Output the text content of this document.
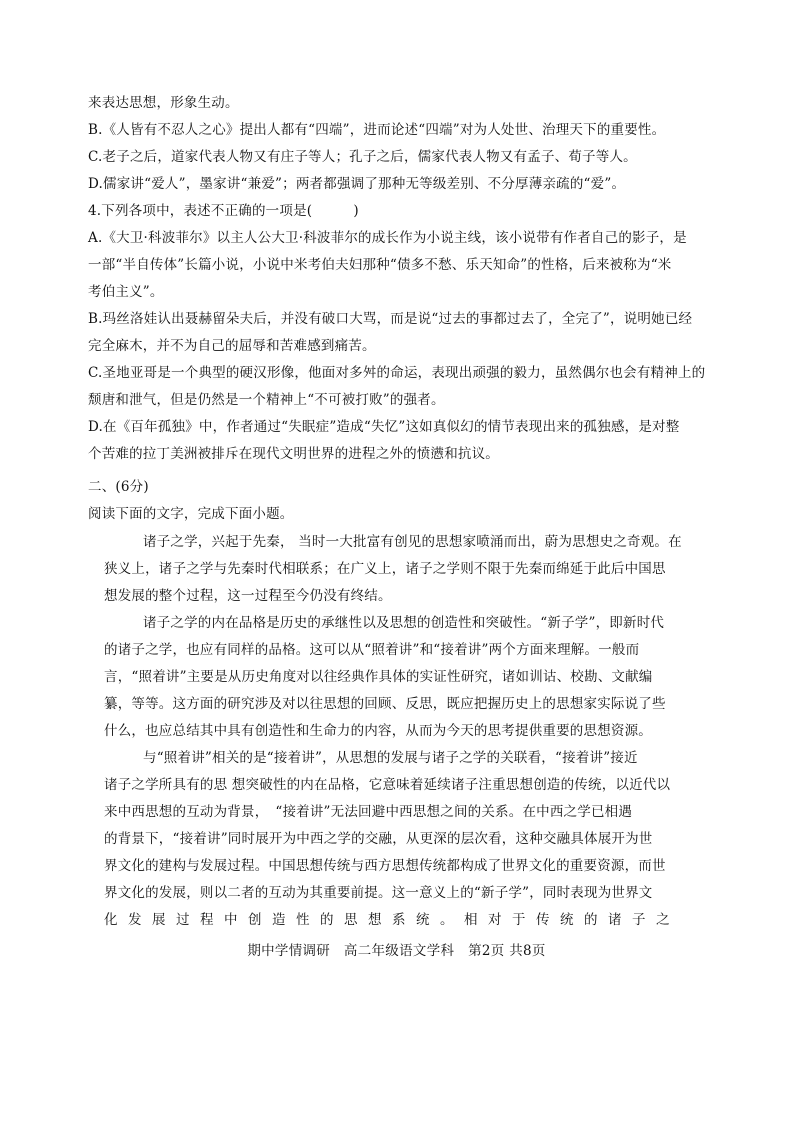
来表达思想，形象生动。
B.《人皆有不忍人之心》提出人都有“四端”，进而论述“四端”对为人处世、治理天下的重要性。
C.老子之后，道家代表人物又有庄子等人；孔子之后，儒家代表人物又有孟子、荀子等人。
D.儒家讲“爱人”，墨家讲“兼爱”；两者都强调了那种无等级差别、不分厚薄亲疏的“爱”。
4.下列各项中，表述不正确的一项是(　　　)
A.《大卫·科波菲尔》以主人公大卫·科波菲尔的成长作为小说主线，该小说带有作者自己的影子，是
一部“半自传体”长篇小说，小说中米考伯夫妇那种“债多不愁、乐天知命”的性格，后来被称为“米
考伯主义”。
B.玛丝洛娃认出聂赫留朵夫后，并没有破口大骂，而是说“过去的事都过去了，全完了”，说明她已经
完全麻木，并不为自己的屈辱和苦难感到痛苦。
C.圣地亚哥是一个典型的硬汉形像，他面对多舛的命运，表现出顽强的毅力，虽然偶尔也会有精神上的
颓唐和泄气，但是仍然是一个精神上“不可被打败”的强者。
D.在《百年孤独》中，作者通过“失眠症”造成“失忆”这如真似幻的情节表现出来的孤独感，是对整
个苦难的拉丁美洲被排斥在现代文明世界的进程之外的愤懑和抗议。
二、(6分)
阅读下面的文字，完成下面小题。
诸子之学，兴起于先秦， 当时一大批富有创见的思想家喷涌而出，蔚为思想史之奇观。在
狭义上，诸子之学与先秦时代相联系；在广义上，诸子之学则不限于先秦而绵延于此后中国思
想发展的整个过程，这一过程至今仍没有终结。
诸子之学的内在品格是历史的承继性以及思想的创造性和突破性。“新子学”，即新时代
的诸子之学，也应有同样的品格。这可以从“照着讲”和“接着讲”两个方面来理解。一般而
言，“照着讲”主要是从历史角度对以往经典作具体的实证性研究，诸如训诂、校勘、文献编
纂，等等。这方面的研究涉及对以往思想的回顾、反思，既应把握历史上的思想家实际说了些
什么，也应总结其中具有创造性和生命力的内容，从而为今天的思考提供重要的思想资源。
与“照着讲”相关的是“接着讲”，从思想的发展与诸子之学的关联看，“接着讲”接近
诸子之学所具有的思 想突破性的内在品格，它意味着延续诸子注重思想创造的传统，以近代以
来中西思想的互动为背景，　“接着讲”无法回避中西思想之间的关系。在中西之学已相遇
的背景下，“接着讲”同时展开为中西之学的交融，从更深的层次看，这种交融具体展开为世
界文化的建构与发展过程。中国思想传统与西方思想传统都构成了世界文化的重要资源，而世
界文化的发展，则以二者的互动为其重要前提。这一意义上的“新子学”，同时表现为世界文
化发展过程中创造性的思想系统。相对于传统的诸子之
期中学情调研　高二年级语文学科　第2页 共8页
